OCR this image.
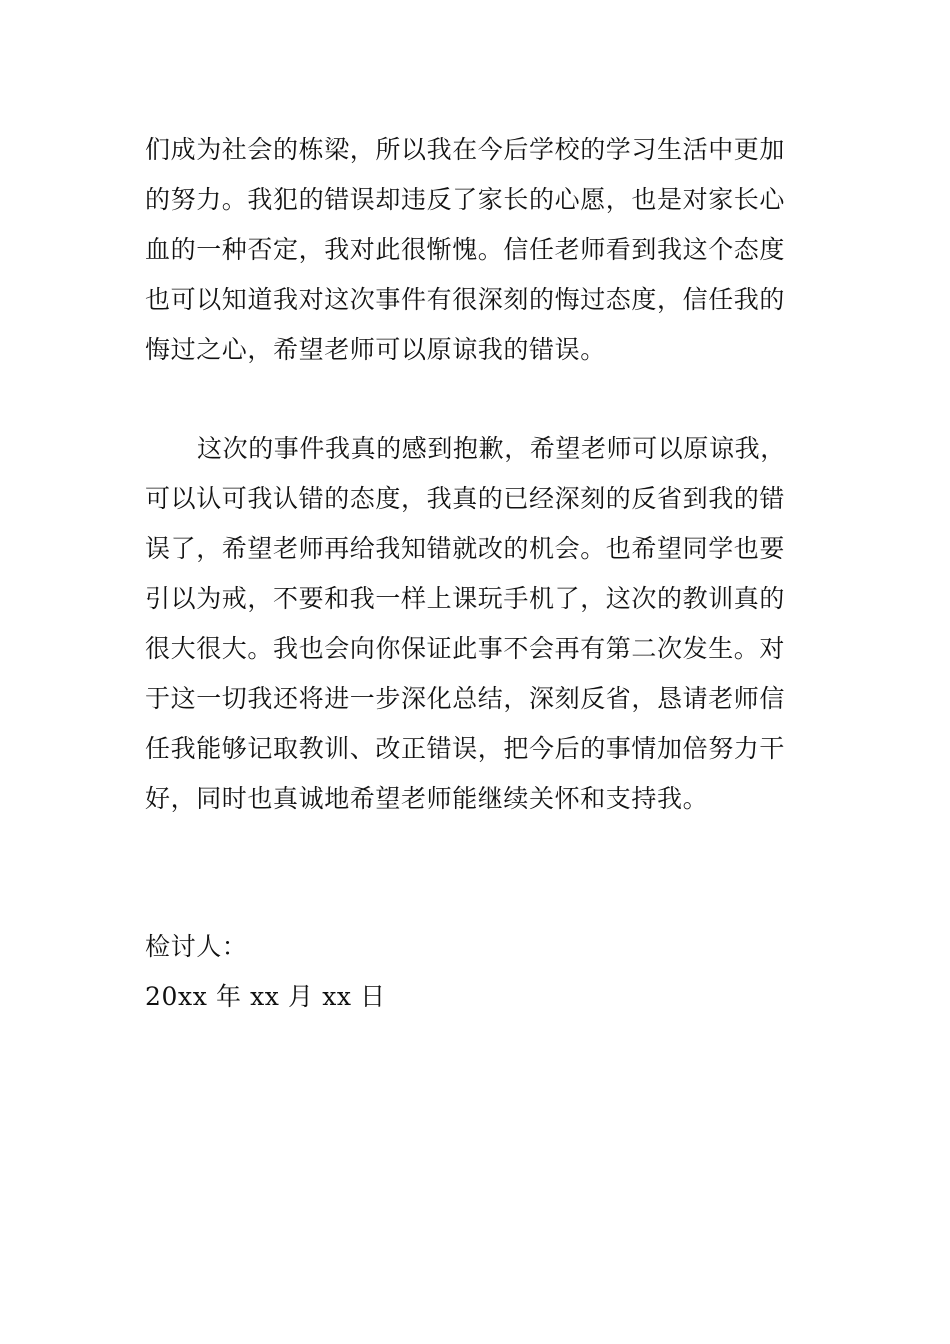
们成为社会的栋梁，所以我在今后学校的学习生活中更加
的努力。我犯的错误却违反了家长的心愿，也是对家长心
血的一种否定，我对此很惭愧。信任老师看到我这个态度
也可以知道我对这次事件有很深刻的悔过态度，信任我的
悔过之心，希望老师可以原谅我的错误。
这次的事件我真的感到抱歉，希望老师可以原谅我，
可以认可我认错的态度，我真的已经深刻的反省到我的错
误了，希望老师再给我知错就改的机会。也希望同学也要
引以为戒，不要和我一样上课玩手机了，这次的教训真的
很大很大。我也会向你保证此事不会再有第二次发生。对
于这一切我还将进一步深化总结，深刻反省，恳请老师信
任我能够记取教训、改正错误，把今后的事情加倍努力干
好，同时也真诚地希望老师能继续关怀和支持我。
检讨人：
20xx 年 xx 月 xx 日
